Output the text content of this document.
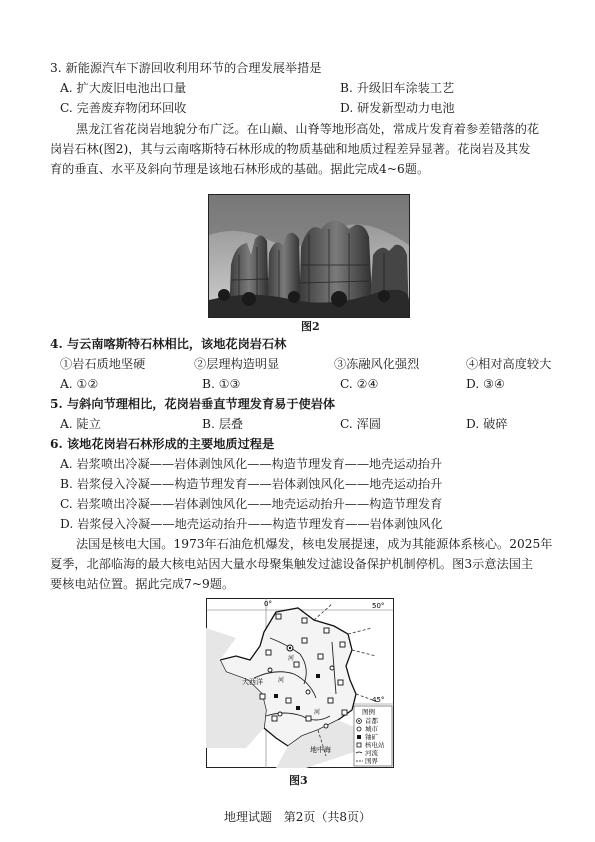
3. 新能源汽车下游回收利用环节的合理发展举措是
A. 扩大废旧电池出口量	B. 升级旧车涂装工艺
C. 完善废弃物闭环回收	D. 研发新型动力电池
黑龙江省花岗岩地貌分布广泛。在山巅、山脊等地形高处，常成片发育着参差错落的花
岗岩石林(图2)，其与云南喀斯特石林形成的物质基础和地质过程差异显著。花岗岩及其发
育的垂直、水平及斜向节理是该地石林形成的基础。据此完成4~6题。
图2
4. 与云南喀斯特石林相比，该地花岗岩石林
①岩石质地坚硬	②层理构造明显	③冻融风化强烈	④相对高度较大
A. ①②	B. ①③	C. ②④	D. ③④
5. 与斜向节理相比，花岗岩垂直节理发育易于使岩体
A. 陡立	B. 层叠	C. 浑圆	D. 破碎
6. 该地花岗岩石林形成的主要地质过程是
A. 岩浆喷出冷凝——岩体剥蚀风化——构造节理发育——地壳运动抬升
B. 岩浆侵入冷凝——构造节理发育——岩体剥蚀风化——地壳运动抬升
C. 岩浆喷出冷凝——岩体剥蚀风化——地壳运动抬升——构造节理发育
D. 岩浆侵入冷凝——地壳运动抬升——构造节理发育——岩体剥蚀风化
法国是核电大国。1973年石油危机爆发，核电发展提速，成为其能源体系核心。2025年
夏季，北部临海的最大核电站因大量水母聚集触发过滤设备保护机制停机。图3示意法国主
要核电站位置。据此完成7~9题。
0°	50°
45°
大西洋
地中海
河
河
河	图例
首都
城市
铀矿
核电站
河流
国界
图3
地理试题 第2页（共8页）
